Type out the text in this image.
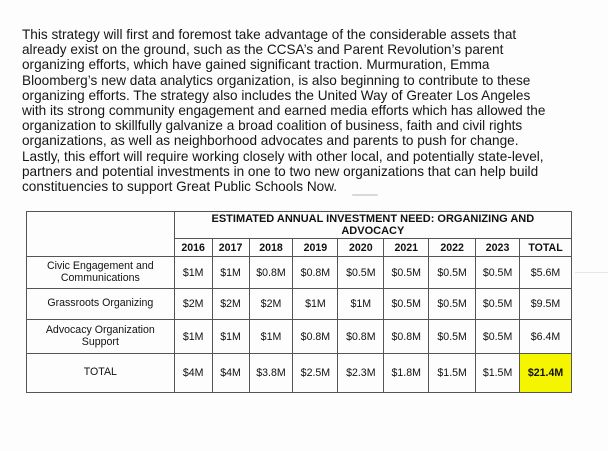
This strategy will first and foremost take advantage of the considerable assets that
already exist on the ground, such as the CCSA’s and Parent Revolution’s parent
organizing efforts, which have gained significant traction. Murmuration, Emma
Bloomberg’s new data analytics organization, is also beginning to contribute to these
organizing efforts. The strategy also includes the United Way of Greater Los Angeles
with its strong community engagement and earned media efforts which has allowed the
organization to skillfully galvanize a broad coalition of business, faith and civil rights
organizations, as well as neighborhood advocates and parents to push for change.
Lastly, this effort will require working closely with other local, and potentially state-level,
partners and potential investments in one to two new organizations that can help build
constituencies to support Great Public Schools Now.

	ESTIMATED ANNUAL INVESTMENT NEED: ORGANIZING AND
ADVOCACY								

	2016	2017	2018	2019	2020	2021	2022	2023	TOTAL

Civic Engagement and
Communications	$1M	$1M	$0.8M	$0.8M	$0.5M	$0.5M	$0.5M	$0.5M	$5.6M

Grassroots Organizing	$2M	$2M	$2M	$1M	$1M	$0.5M	$0.5M	$0.5M	$9.5M

Advocacy Organization
Support	$1M	$1M	$1M	$0.8M	$0.8M	$0.8M	$0.5M	$0.5M	$6.4M
TOTAL	$4M	$4M	$3.8M	$2.5M	$2.3M	$1.8M	$1.5M	$1.5M	$21.4M
